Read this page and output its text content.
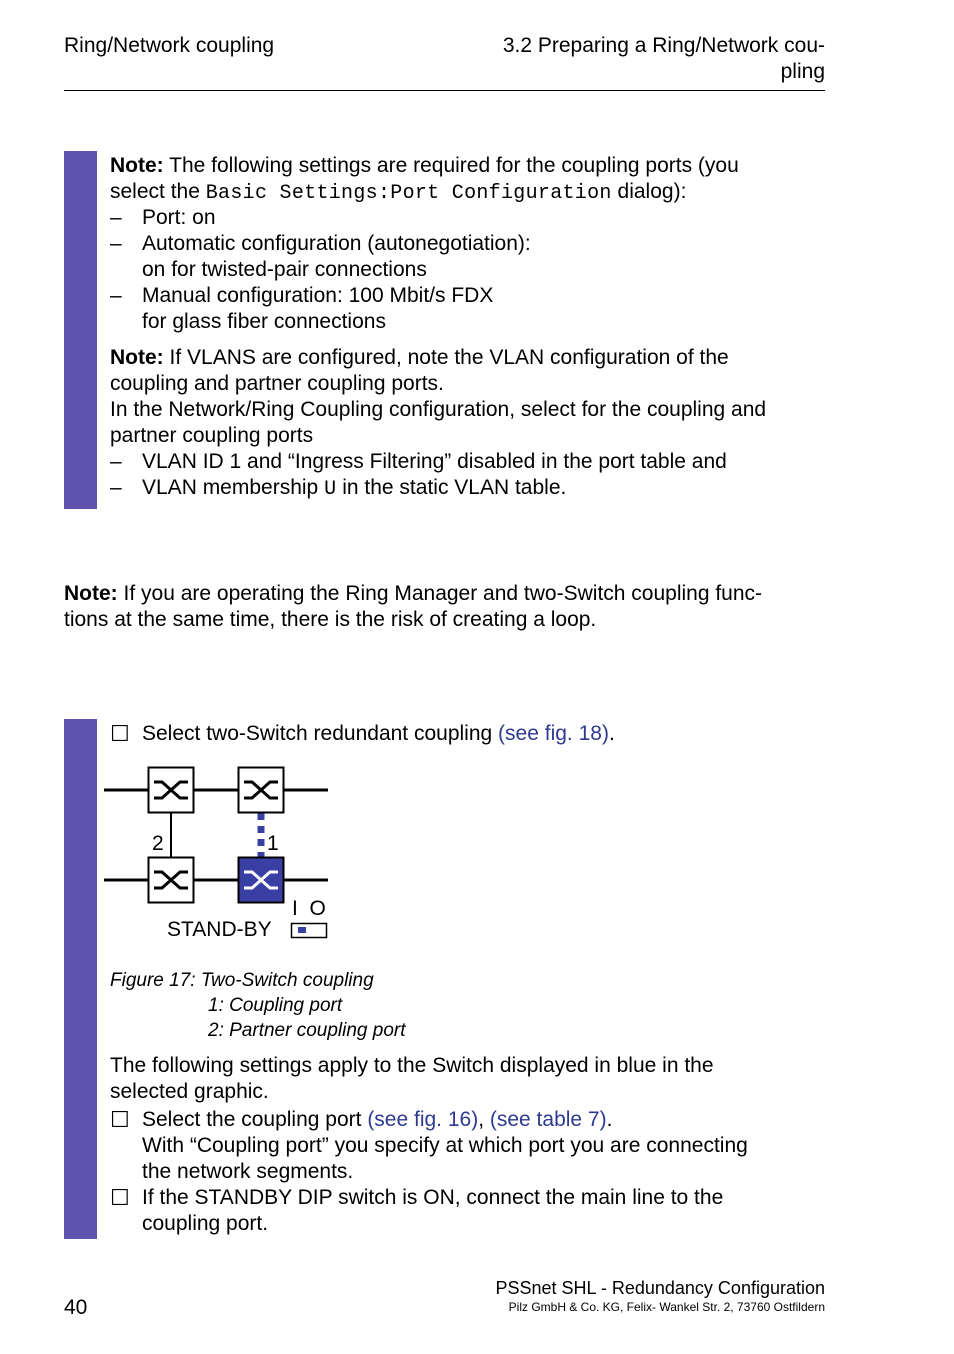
Ring/Network coupling	3.2 Preparing a Ring/Network cou-
pling
Note: The following settings are required for the coupling ports (you
select the Basic Settings:Port Configuration dialog):
– Port: on
– Automatic configuration (autonegotiation):
on for twisted-pair connections
– Manual configuration: 100 Mbit/s FDX
for glass fiber connections
Note: If VLANS are configured, note the VLAN configuration of the
coupling and partner coupling ports.
In the Network/Ring Coupling configuration, select for the coupling and
partner coupling ports
– VLAN ID 1 and “Ingress Filtering” disabled in the port table and
– VLAN membership U in the static VLAN table.
Note: If you are operating the Ring Manager and two-Switch coupling func-
tions at the same time, there is the risk of creating a loop.
☐ Select two-Switch redundant coupling (see fig. 18).
2	1
I  O
STAND-BY
Figure 17: Two-Switch coupling
1: Coupling port
2: Partner coupling port
The following settings apply to the Switch displayed in blue in the
selected graphic.
☐ Select the coupling port (see fig. 16), (see table 7).
With “Coupling port” you specify at which port you are connecting
the network segments.
☐ If the STANDBY DIP switch is ON, connect the main line to the
coupling port.
40
PSSnet SHL - Redundancy Configuration
Pilz GmbH & Co. KG, Felix- Wankel Str. 2, 73760 Ostfildern
